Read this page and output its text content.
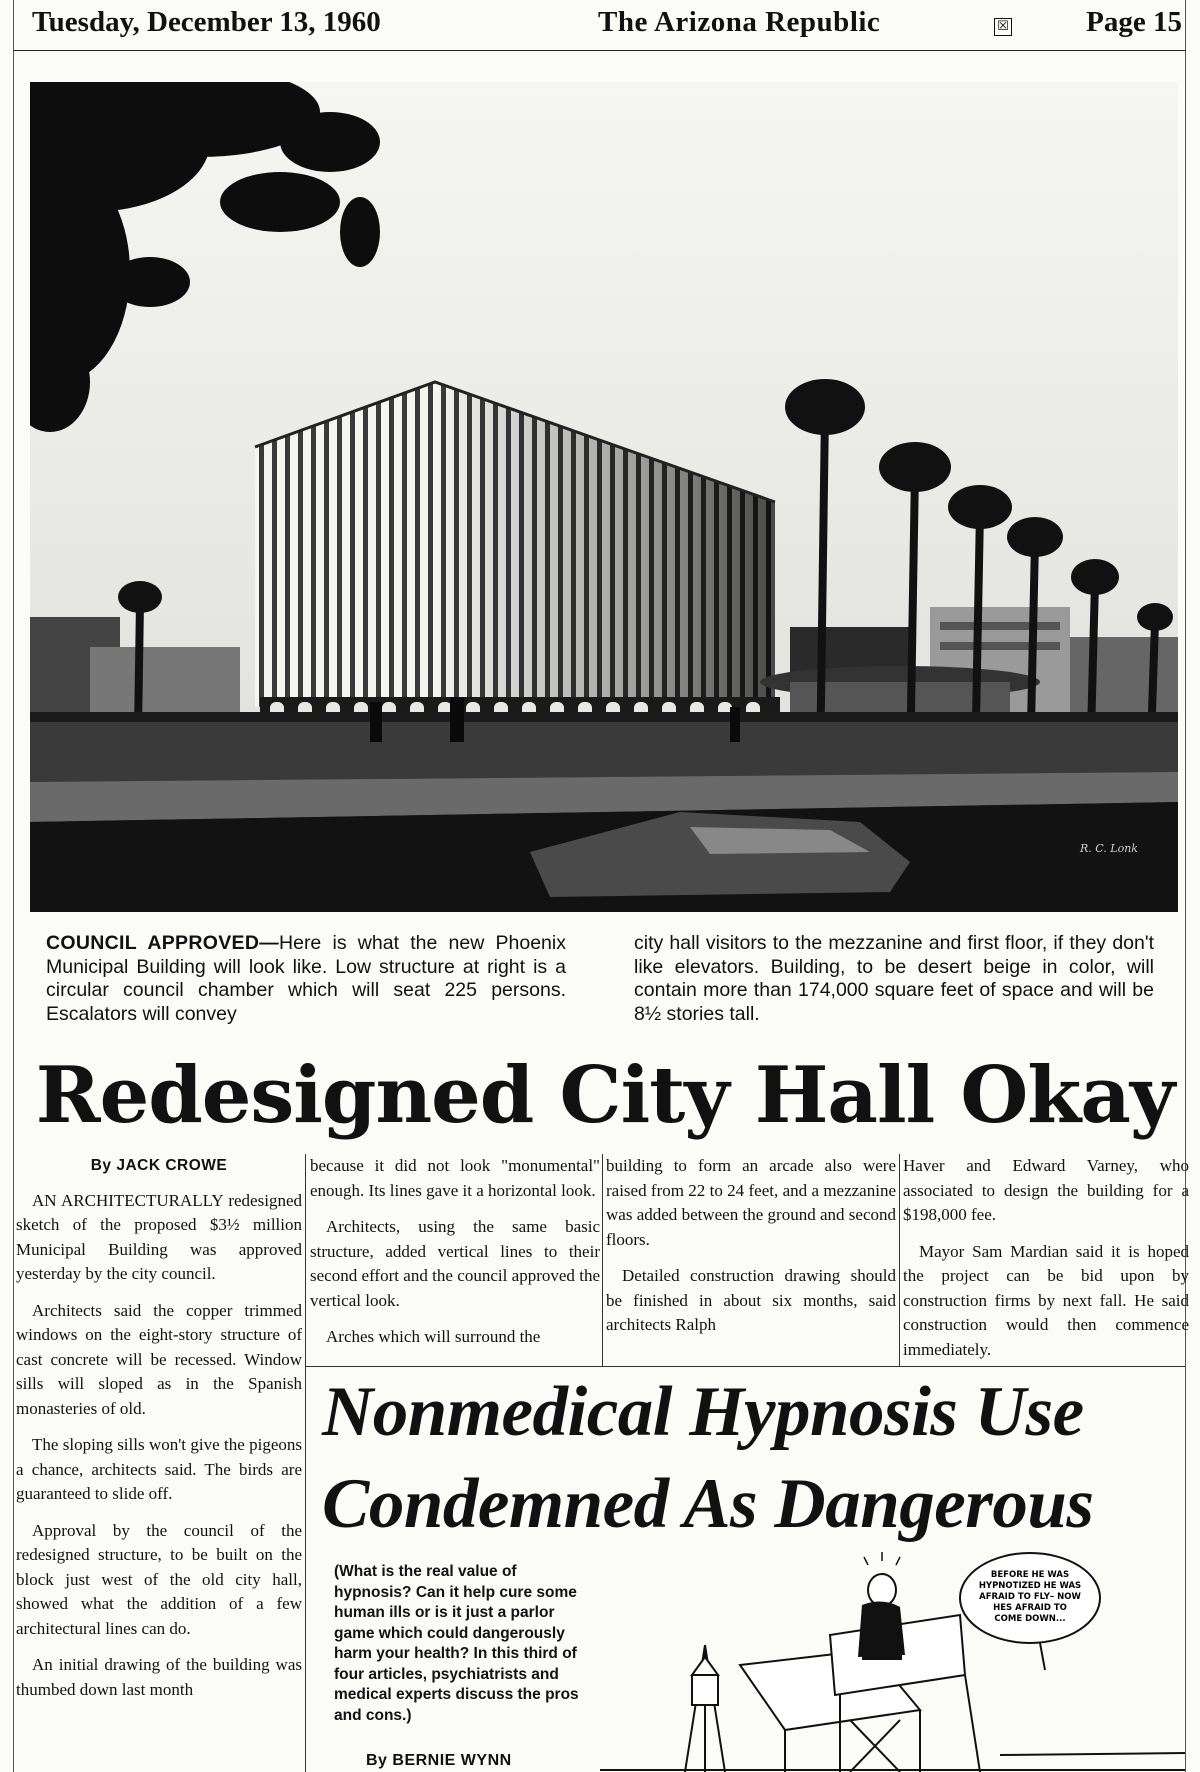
Tuesday, December 13, 1960	The Arizona Republic	☒	Page 15
R. C. Lonk
COUNCIL APPROVED—Here is what the new Phoenix Municipal Building will look like. Low structure at right is a circular council chamber which will seat 225 persons. Escalators will convey
city hall visitors to the mezzanine and first floor, if they don't like elevators. Building, to be desert beige in color, will contain more than 174,000 square feet of space and will be 8½ stories tall.
Redesigned City Hall Okay

By JACK CROWE

AN ARCHITECTURALLY redesigned sketch of the proposed $3½ million Municipal Building was approved yesterday by the city council.

Architects said the copper trimmed windows on the eight-story structure of cast concrete will be recessed. Window sills will sloped as in the Spanish monasteries of old.

The sloping sills won't give the pigeons a chance, architects said. The birds are guaranteed to slide off.

Approval by the council of the redesigned structure, to be built on the block just west of the old city hall, showed what the addition of a few architectural lines can do.

An initial drawing of the building was thumbed down last month

because it did not look "monumental" enough. Its lines gave it a horizontal look.

Architects, using the same basic structure, added vertical lines to their second effort and the council approved the vertical look.

Arches which will surround the

building to form an arcade also were raised from 22 to 24 feet, and a mezzanine was added between the ground and second floors.

Detailed construction drawing should be finished in about six months, said architects Ralph

Haver and Edward Varney, who associated to design the building for a $198,000 fee.

Mayor Sam Mardian said it is hoped the project can be bid upon by construction firms by next fall. He said construction would then commence immediately.

Nonmedical Hypnosis Use
Condemned As Dangerous
(What is the real value of hypnosis? Can it help cure some human ills or is it just a parlor game which could dangerously harm your health? In this third of four articles, psychiatrists and medical experts discuss the pros and cons.)
By BERNIE WYNN
BEFORE HE WAS
HYPNOTIZED HE WAS
AFRAID TO FLY– NOW
HES AFRAID TO
COME DOWN...
